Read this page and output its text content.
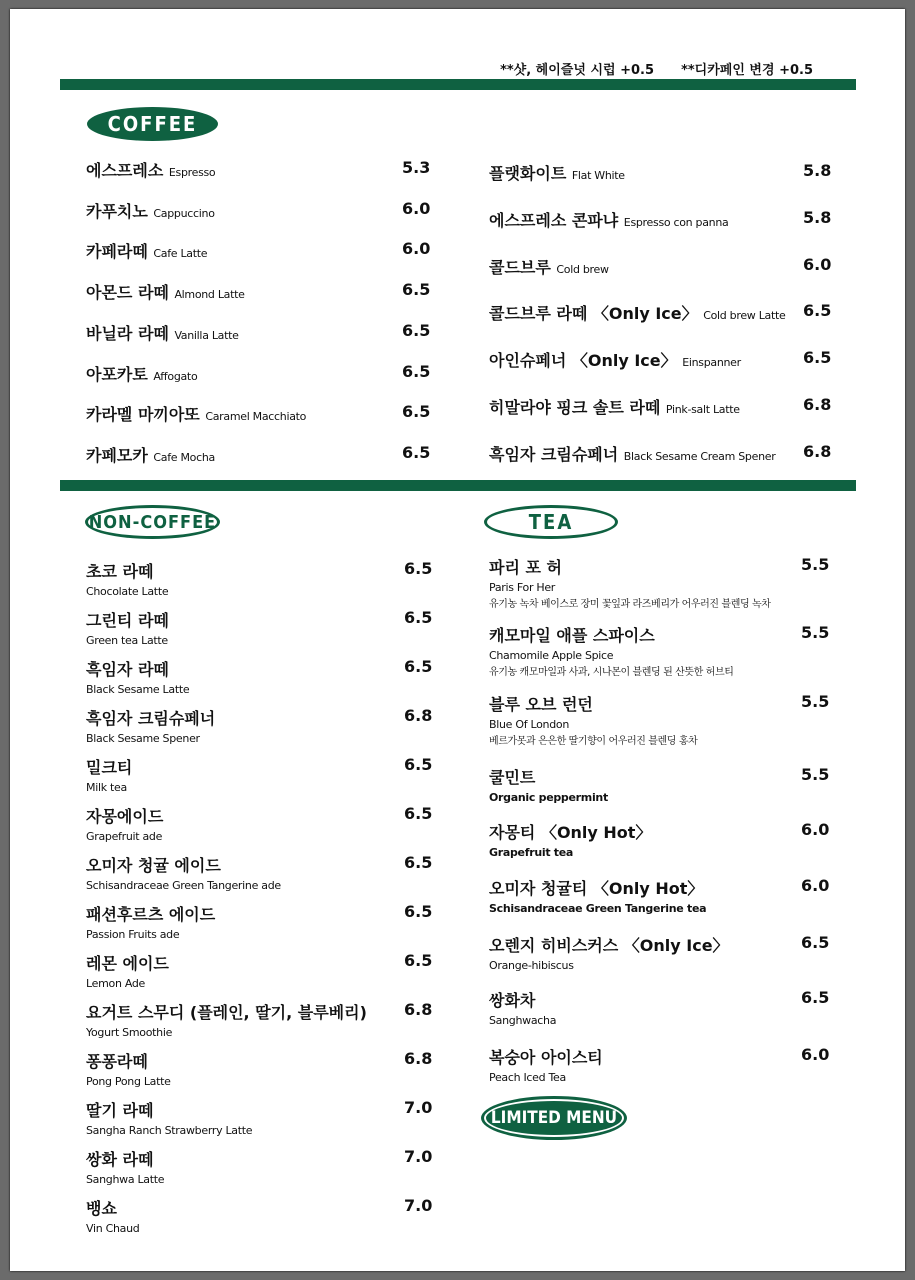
**샷, 헤이즐넛 시럽 +0.5 **디카페인 변경 +0.5
COFFEE
NON-COFFEE	TEA
LIMITED MENU
에스프레소 Espresso	5.3
카푸치노 Cappuccino	6.0
카페라떼 Cafe Latte	6.0
아몬드 라떼 Almond Latte	6.5
바닐라 라떼 Vanilla Latte	6.5
아포카토 Affogato	6.5
카라멜 마끼아또 Caramel Macchiato	6.5
카페모카 Cafe Mocha	6.5
플랫화이트 Flat White	5.8
에스프레소 콘파냐 Espresso con panna	5.8
콜드브루 Cold brew	6.0
콜드브루 라떼 〈Only Ice〉 Cold brew Latte 6.5
아인슈페너 〈Only Ice〉 Einspanner	6.5
히말라야 핑크 솔트 라떼 Pink-salt Latte	6.8
흑임자 크림슈페너 Black Sesame Cream Spener 6.8
초코 라떼
Chocolate Latte
6.5
그린티 라떼
Green tea Latte
6.5
흑임자 라떼
Black Sesame Latte
6.5
흑임자 크림슈페너
Black Sesame Spener
6.8
밀크티
Milk tea
6.5
자몽에이드
Grapefruit ade
6.5
오미자 청귤 에이드
Schisandraceae Green Tangerine ade
6.5
패션후르츠 에이드
Passion Fruits ade
6.5
레몬 에이드
Lemon Ade
6.5
요거트 스무디 (플레인, 딸기, 블루베리)
Yogurt Smoothie
6.8
퐁퐁라떼
Pong Pong Latte
6.8
딸기 라떼
Sangha Ranch Strawberry Latte
7.0
쌍화 라떼
Sanghwa Latte
7.0
뱅쇼
Vin Chaud
7.0
파리 포 허
Paris For Her
유기농 녹차 베이스로 장미 꽃잎과 라즈베리가 어우러진 블렌딩 녹차
5.5
캐모마일 애플 스파이스
Chamomile Apple Spice
유기농 캐모마일과 사과, 시나몬이 블렌딩 된 산뜻한 허브티
5.5
블루 오브 런던
Blue Of London
베르가못과 은은한 딸기향이 어우러진 블렌딩 홍차
5.5
쿨민트
Organic peppermint
5.5
자몽티 〈Only Hot〉
Grapefruit tea
6.0
오미자 청귤티 〈Only Hot〉
Schisandraceae Green Tangerine tea
6.0
오렌지 히비스커스 〈Only Ice〉
Orange-hibiscus
6.5
쌍화차
Sanghwacha
6.5
복숭아 아이스티
Peach Iced Tea
6.0
